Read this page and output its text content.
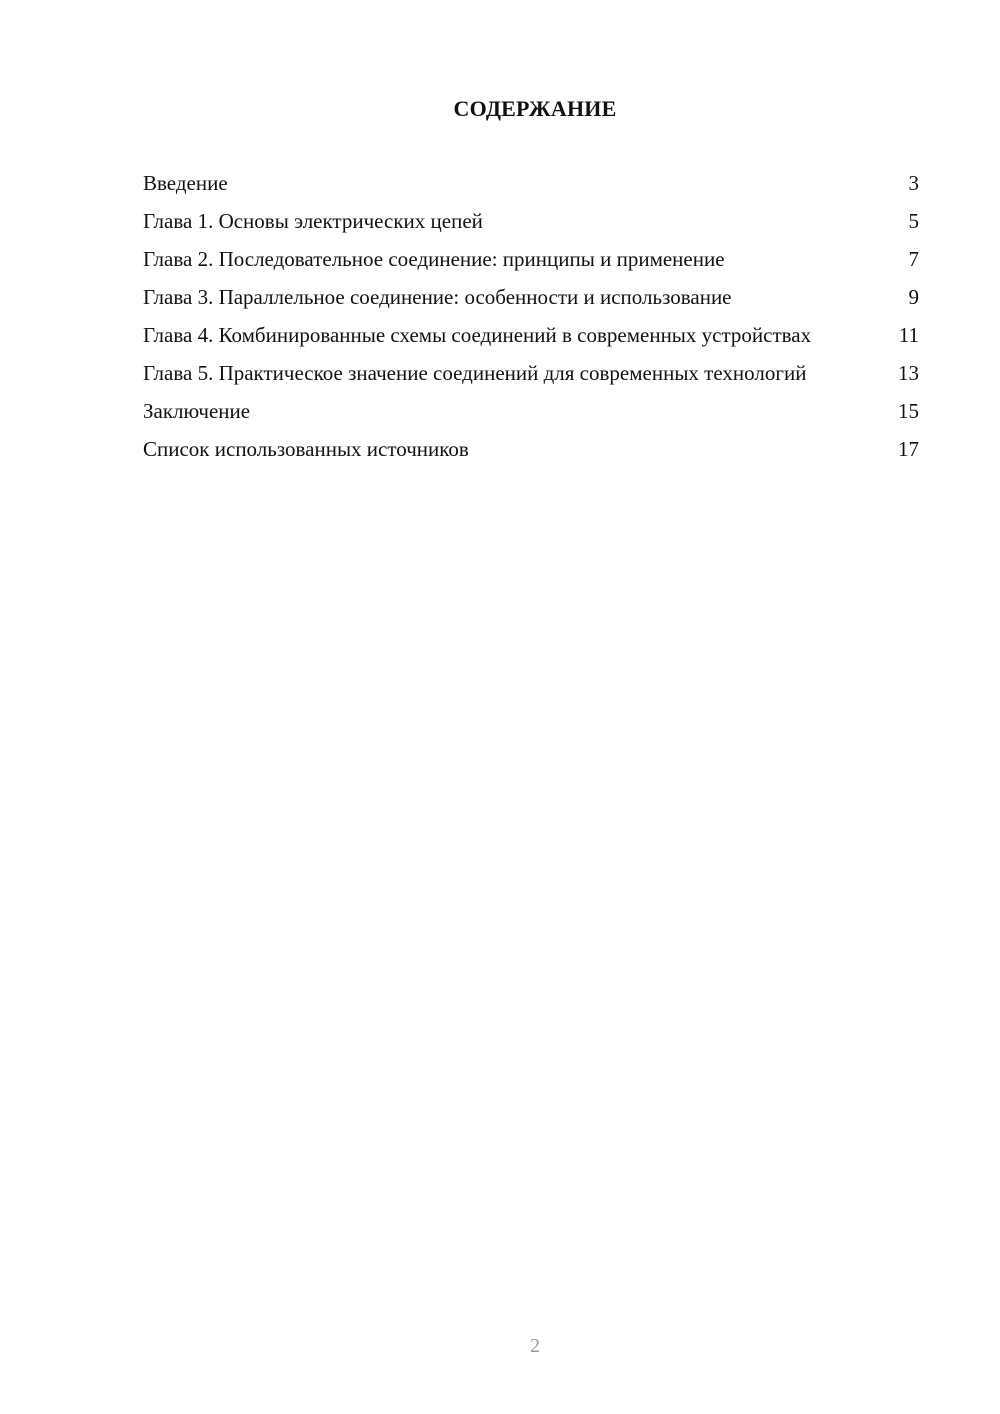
СОДЕРЖАНИЕ
Введение	3
Глава 1. Основы электрических цепей	5
Глава 2. Последовательное соединение: принципы и применение	7
Глава 3. Параллельное соединение: особенности и использование	9
Глава 4. Комбинированные схемы соединений в современных устройствах	11
Глава 5. Практическое значение соединений для современных технологий	13
Заключение	15
Список использованных источников	17
2
